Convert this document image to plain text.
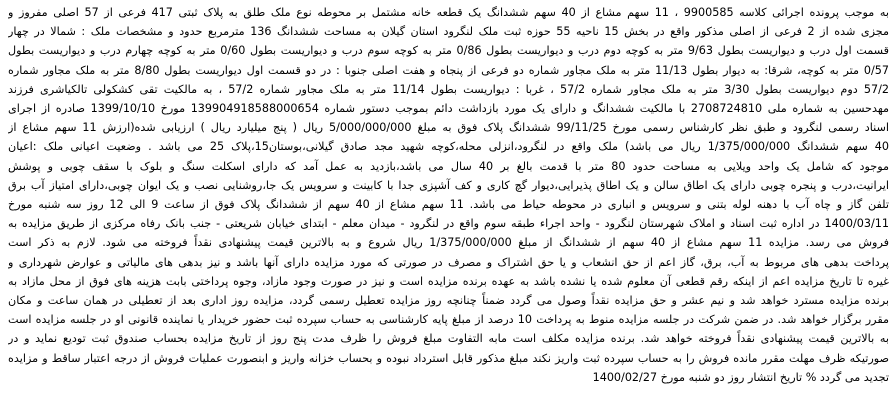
به موجب پرونده اجرائی کلاسه 9900585 ، 11 سهم مشاع از 40 سهم ششدانگ یک قطعه خانه مشتمل بر محوطه نوع ملک طلق به پلاک ثبتی 417 فرعی از 57 اصلی مفروز و
مجزی شده از 2 فرعی از اصلی مذکور واقع در بخش 15 ناحیه 55 حوزه ثبت ملک لنگرود استان گیلان به مساحت ششدانگ 136 مترمربع حدود و مشخصات ملک : شمالا در چهار
قسمت اول درب و دیواریست بطول 9/63 متر به کوچه دوم درب و دیواریست بطول 0/86 متر به کوچه سوم درب و دیواریست بطول 0/60 متر به کوچه چهارم درب و دیواریست بطول
0/57 متر به کوچه، شرقا: به دیوار بطول 11/13 متر به ملک مجاور شماره دو فرعی از پنجاه و هفت اصلی جنوبا : در دو قسمت اول دیواریست بطول 8/80 متر به ملک مجاور شماره
57/2 دوم دیواریست بطول 3/30 متر به ملک مجاور شماره 57/2 ، غربا : دیواریست بطول 11/14 متر به ملک مجاور شماره 57/2 ، به مالکیت تقی کشکولی تالکیاشری فرزند
مهدحسین به شماره ملی 2708724810 با مالکیت ششدانگ و دارای یک مورد بازداشت دائم بموجب دستور شماره 139904918588000654 مورخ 1399/10/10 صادره از اجرای
اسناد رسمی لنگرود و طبق نظر کارشناس رسمی مورخ 99/11/25 ششدانگ پلاک فوق به مبلغ 5/000/000/000 ریال ( پنج میلیارد ریال ) ارزیابی شده(ارزش 11 سهم مشاع از
40 سهم ششدانگ 1/375/000/000 ریال می باشد) ملک واقع در لنگرود،انزلی محله،کوچه شهید مجد صادق گیلانی،بوستان15،پلاک 25 می باشد . وضعیت اعیانی ملک :اعیان
موجود که شامل یک واحد ویلایی به مساحت حدود 80 متر با قدمت بالغ بر 40 سال می باشد،بازدید به عمل آمد که دارای اسکلت سنگ و بلوک با سقف چوبی و پوشش
ایرانیت،درب و پنجره چوبی دارای یک اطاق سالن و یک اطاق پذیرایی،دیوار گچ کاری و کف آشپزی جدا با کابینت و سرویس یک جا،روشنایی نصب و یک ایوان چوبی،دارای امتیاز آب برق
تلفن گاز و چاه آب با دهنه لوله بتنی و سرویس و انباری در محوطه حیاط می باشد. 11 سهم مشاع از 40 سهم از ششدانگ پلاک فوق از ساعت 9 الی 12 روز سه شنبه مورخ
1400/03/11 در اداره ثبت اسناد و املاک شهرستان لنگرود - واحد اجراء طبقه سوم واقع در لنگرود - میدان معلم - ابتدای خیابان شریعتی - جنب بانک رفاه مرکزی از طریق مزایده به
فروش می رسد. مزایده 11 سهم مشاع از 40 سهم از ششدانگ از مبلغ 1/375/000/000 ریال شروع و به بالاترین قیمت پیشنهادی نقداً فروخته می شود. لازم به ذکر است
پرداخت بدهی های مربوط به آب، برق، گاز اعم از حق انشعاب و یا حق اشتراک و مصرف در صورتی که مورد مزایده دارای آنها باشد و نیز بدهی های مالیاتی و عوارض شهرداری و
غیره تا تاریخ مزایده اعم از اینکه رقم قطعی آن معلوم شده یا نشده باشد به عهده برنده مزایده است و نیز در صورت وجود مازاد، وجوه پرداختی بابت هزینه های فوق از محل مازاد به
برنده مزایده مسترد خواهد شد و نیم عشر و حق مزایده نقداً وصول می گردد ضمناً چنانچه روز مزایده تعطیل رسمی گردد، مزایده روز اداری بعد از تعطیلی در همان ساعت و مکان
مقرر برگزار خواهد شد. در ضمن شرکت در جلسه مزایده منوط به پرداخت 10 درصد از مبلغ پایه کارشناسی به حساب سپرده ثبت حضور خریدار یا نماینده قانونی او در جلسه مزایده است
به بالاترین قیمت پیشنهادی نقداً فروخته خواهد شد. برنده مزایده مکلف است مابه التفاوت مبلغ فروش را ظرف مدت پنج روز از تاریخ مزایده بحساب صندوق ثبت تودیع نماید و در
صورتیکه ظرف مهلت مقرر مانده فروش را به حساب سپرده ثبت واریز نکند مبلغ مذکور قابل استرداد نبوده و بحساب خزانه واریز و ابنصورت عملیات فروش از درجه اعتبار ساقط و مزایده
تجدید می گردد % تاریخ انتشار روز دو شنبه مورخ 1400/02/27
